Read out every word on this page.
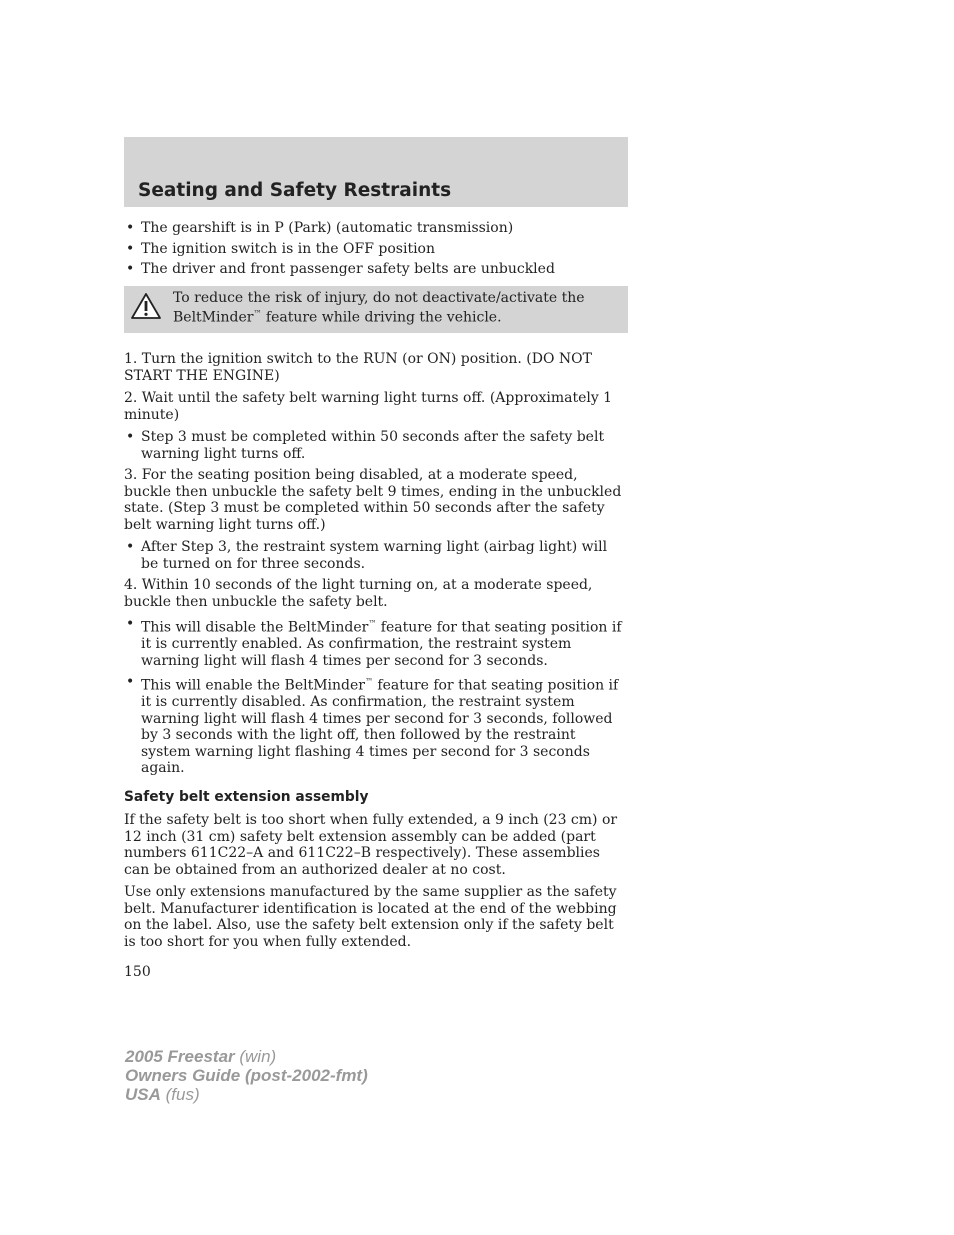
Seating and Safety Restraints
• The gearshift is in P (Park) (automatic transmission)
• The ignition switch is in the OFF position
• The driver and front passenger safety belts are unbuckled
To reduce the risk of injury, do not deactivate/activate the
BeltMinder™ feature while driving the vehicle.
1. Turn the ignition switch to the RUN (or ON) position. (DO NOT START THE ENGINE)
2. Wait until the safety belt warning light turns off. (Approximately 1 minute)
• Step 3 must be completed within 50 seconds after the safety belt warning light turns off.
3. For the seating position being disabled, at a moderate speed, buckle then unbuckle the safety belt 9 times, ending in the unbuckled state. (Step 3 must be completed within 50 seconds after the safety belt warning light turns off.)
• After Step 3, the restraint system warning light (airbag light) will be turned on for three seconds.
4. Within 10 seconds of the light turning on, at a moderate speed, buckle then unbuckle the safety belt.
• This will disable the BeltMinder™ feature for that seating position if it is currently enabled. As confirmation, the restraint system warning light will flash 4 times per second for 3 seconds.
• This will enable the BeltMinder™ feature for that seating position if it is currently disabled. As confirmation, the restraint system warning light will flash 4 times per second for 3 seconds, followed by 3 seconds with the light off, then followed by the restraint system warning light flashing 4 times per second for 3 seconds again.
Safety belt extension assembly
If the safety belt is too short when fully extended, a 9 inch (23 cm) or 12 inch (31 cm) safety belt extension assembly can be added (part numbers 611C22–A and 611C22–B respectively). These assemblies can be obtained from an authorized dealer at no cost.
Use only extensions manufactured by the same supplier as the safety belt. Manufacturer identification is located at the end of the webbing on the label. Also, use the safety belt extension only if the safety belt is too short for you when fully extended.
150
2005 Freestar (win)
Owners Guide (post-2002-fmt)
USA (fus)
